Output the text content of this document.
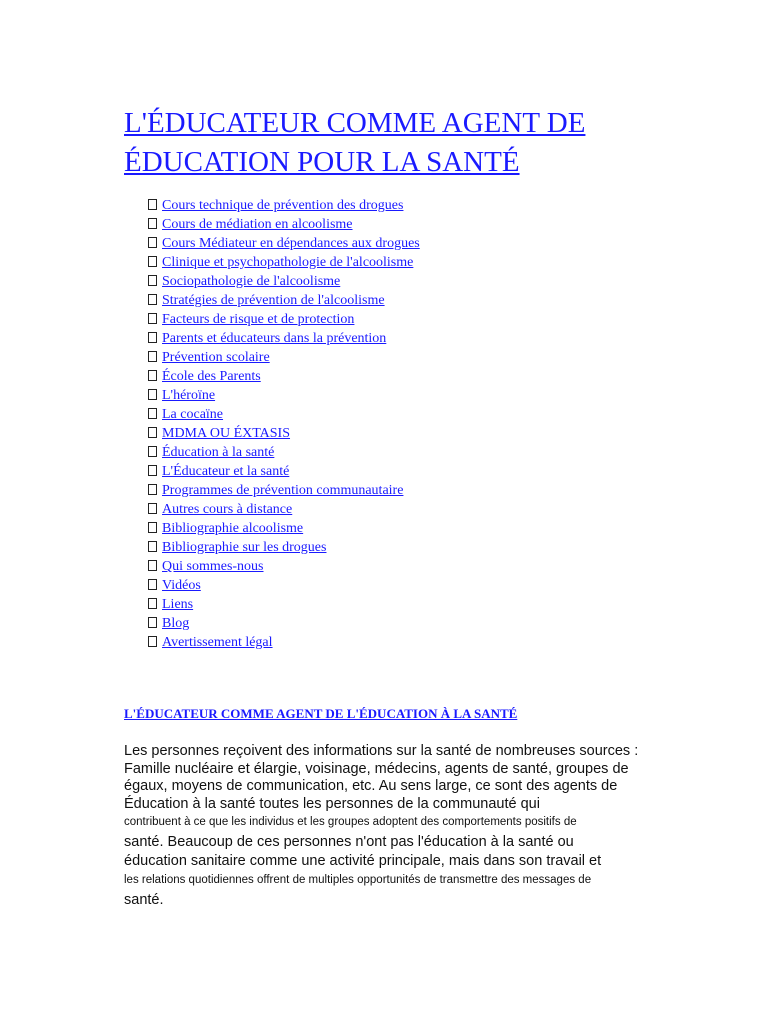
L'ÉDUCATEUR COMME AGENT DE ÉDUCATION POUR LA SANTÉ
Cours technique de prévention des drogues
Cours de médiation en alcoolisme
Cours Médiateur en dépendances aux drogues
Clinique et psychopathologie de l'alcoolisme
Sociopathologie de l'alcoolisme
Stratégies de prévention de l'alcoolisme
Facteurs de risque et de protection
Parents et éducateurs dans la prévention
Prévention scolaire
École des Parents
L'héroïne
La cocaïne
MDMA OU ÉXTASIS
Éducation à la santé
L'Éducateur et la santé
Programmes de prévention communautaire
Autres cours à distance
Bibliographie alcoolisme
Bibliographie sur les drogues
Qui sommes-nous
Vidéos
Liens
Blog
Avertissement légal
L'ÉDUCATEUR COMME AGENT DE L'ÉDUCATION À LA SANTÉ
Les personnes reçoivent des informations sur la santé de nombreuses sources :
Famille nucléaire et élargie, voisinage, médecins, agents de santé, groupes de
égaux, moyens de communication, etc. Au sens large, ce sont des agents de
Éducation à la santé toutes les personnes de la communauté qui
contribuent à ce que les individus et les groupes adoptent des comportements positifs de
santé. Beaucoup de ces personnes n'ont pas l'éducation à la santé ou
éducation sanitaire comme une activité principale, mais dans son travail et
les relations quotidiennes offrent de multiples opportunités de transmettre des messages de
santé.
